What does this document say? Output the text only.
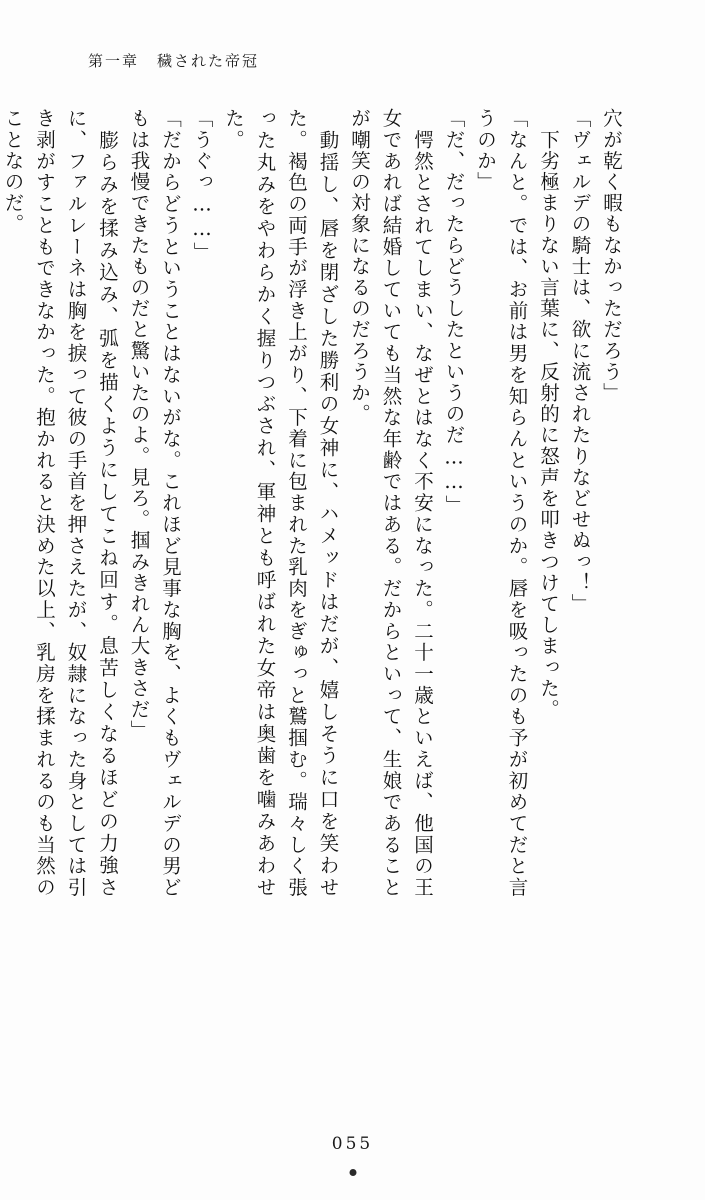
第一章 穢された帝冠

穴が乾く暇もなかっただろう」

「ヴェルデの騎士は、欲に流されたりなどせぬっ！」

　下劣極まりない言葉に、反射的に怒声を叩きつけてしまった。

「なんと。では、お前は男を知らんというのか。唇を吸ったのも予が初めてだと言うのか」

「だ、だったらどうしたというのだ……」

　愕然とされてしまい、なぜとはなく不安になった。二十一歳といえば、他国の王女であれば結婚していても当然な年齢ではある。だからといって、生娘であることが嘲笑の対象になるのだろうか。

　動揺し、唇を閉ざした勝利の女神に、ハメッドはだが、嬉しそうに口を笑わせた。褐色の両手が浮き上がり、下着に包まれた乳肉をぎゅっと鷲掴む。瑞々しく張った丸みをやわらかく握りつぶされ、軍神とも呼ばれた女帝は奥歯を噛みあわせた。

「うぐっ……」

「だからどうということはないがな。これほど見事な胸を、よくもヴェルデの男どもは我慢できたものだと驚いたのよ。見ろ。掴みきれん大きさだ」

　膨らみを揉み込み、弧を描くようにしてこね回す。息苦しくなるほどの力強さに、ファルレーネは胸を捩って彼の手首を押さえたが、奴隷になった身としては引き剥がすこともできなかった。抱かれると決めた以上、乳房を揉まれるのも当然のことなのだ。

055
